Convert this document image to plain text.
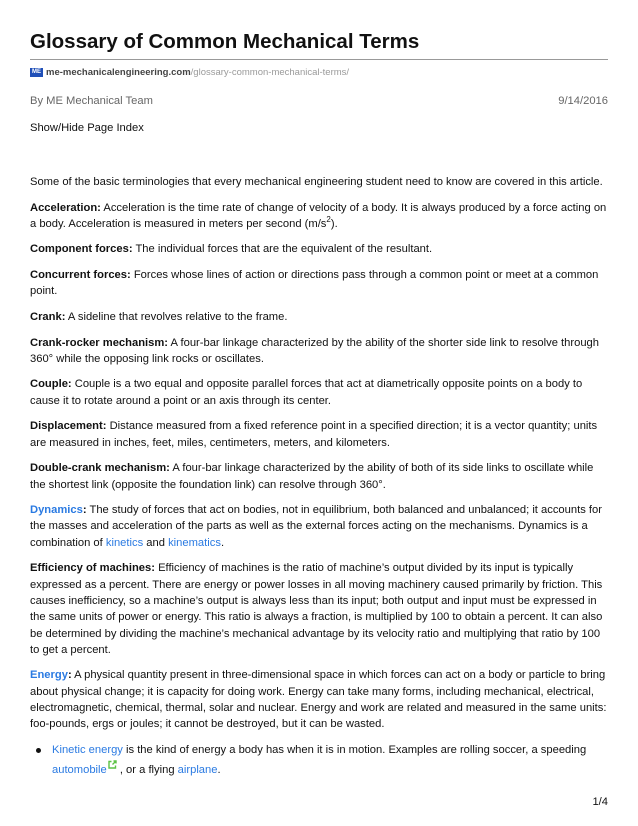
Glossary of Common Mechanical Terms
ME me-mechanicalengineering.com /glossary-common-mechanical-terms/
By ME Mechanical Team	9/14/2016
Show/Hide Page Index

Some of the basic terminologies that every mechanical engineering student need to know are covered in this article.

Acceleration: Acceleration is the time rate of change of velocity of a body. It is always produced by a force acting on a body. Acceleration is measured in meters per second $(m/s^2)$.

Component forces: The individual forces that are the equivalent of the resultant.

Concurrent forces: Forces whose lines of action or directions pass through a common point or meet at a common point.

Crank: A sideline that revolves relative to the frame.

Crank-rocker mechanism: A four-bar linkage characterized by the ability of the shorter side link to resolve through 360° while the opposing link rocks or oscillates.

Couple: Couple is a two equal and opposite parallel forces that act at diametrically opposite points on a body to cause it to rotate around a point or an axis through its center.

Displacement: Distance measured from a fixed reference point in a specified direction; it is a vector quantity; units are measured in inches, feet, miles, centimeters, meters, and kilometers.

Double-crank mechanism: A four-bar linkage characterized by the ability of both of its side links to oscillate while the shortest link (opposite the foundation link) can resolve through 360°.

Dynamics: The study of forces that act on bodies, not in equilibrium, both balanced and unbalanced; it accounts for the masses and acceleration of the parts as well as the external forces acting on the mechanisms. Dynamics is a combination of kinetics and kinematics.

Efficiency of machines: Efficiency of machines is the ratio of machine’s output divided by its input is typically expressed as a percent. There are energy or power losses in all moving machinery caused primarily by friction. This causes inefficiency, so a machine’s output is always less than its input; both output and input must be expressed in the same units of power or energy. This ratio is always a fraction, is multiplied by 100 to obtain a percent. It can also be determined by dividing the machine’s mechanical advantage by its velocity ratio and multiplying that ratio by 100 to get a percent.

Energy: A physical quantity present in three-dimensional space in which forces can act on a body or particle to bring about physical change; it is capacity for doing work. Energy can take many forms, including mechanical, electrical, electromagnetic, chemical, thermal, solar and nuclear. Energy and work are related and measured in the same units: foo-pounds, ergs or joules; it cannot be destroyed, but it can be wasted.

Kinetic energy is the kind of energy a body has when it is in motion. Examples are rolling soccer, a speeding automobile , or a flying airplane.
1/4
